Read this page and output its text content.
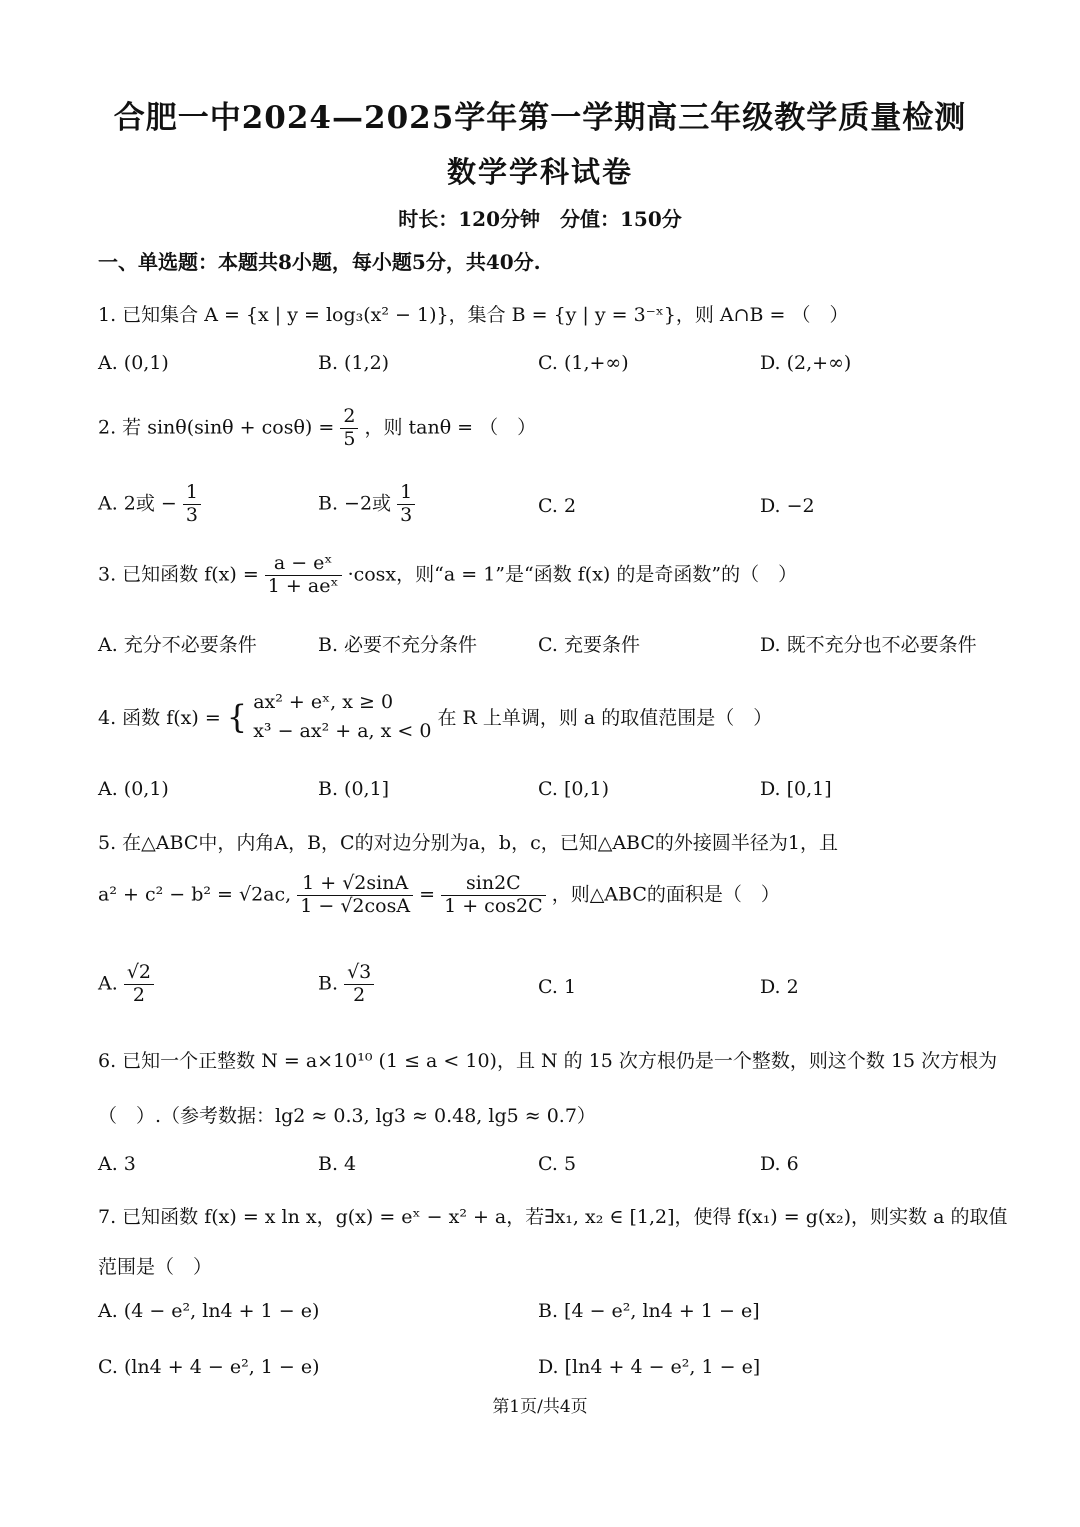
合肥一中2024—2025学年第一学期高三年级教学质量检测
数学学科试卷
时长：120分钟　分值：150分
一、单选题：本题共8小题，每小题5分，共40分.
1. 已知集合 A = {x | y = log₃(x² − 1)}，集合 B = {y | y = 3⁻ˣ}，则 A∩B = （　）
A. (0,1)	B. (1,2)	C. (1,+∞)	D. (2,+∞)
2. 若 $\sin\theta(\sin\theta + \cos\theta) = \frac{2}{5}$ ，则 tanθ = （　）
A. 2或 − $\frac{1}{3}$	B. −2或 $\frac{1}{3}$	C. 2	D. −2
3. 已知函数 $f(x) = \frac{\text{a − eˣ}}{\text{1 + aeˣ}} \cdot\cos x$，则“a = 1”是“函数 f(x) 的是奇函数”的（　）
A. 充分不必要条件	B. 必要不充分条件	C. 充要条件	D. 既不充分也不必要条件
4. 函数 f(x) = { ax² + eˣ, x ≥ 0
x³ − ax² + a, x < 0
在 R 上单调，则 a 的取值范围是（　）
A. (0,1)	B. (0,1]	C. [0,1)	D. [0,1]
5. 在△ABC中，内角A，B，C的对边分别为a，b，c，已知△ABC的外接圆半径为1，且
a² + c² − b² = √2ac, $\frac{1 + √2\sin A}{1 - √2\cos A} = \frac{\sin 2C}{1 + \cos 2C}$ ，则△ABC的面积是（　）
A. $\frac{√2}{2}$	B. $\frac{√3}{2}$	C. 1	D. 2
6. 已知一个正整数 N = a×10¹⁰ (1 ≤ a < 10)，且 N 的 15 次方根仍是一个整数，则这个数 15 次方根为
（　）.（参考数据：lg2 ≈ 0.3, lg3 ≈ 0.48, lg5 ≈ 0.7）
A. 3	B. 4	C. 5	D. 6
7. 已知函数 f(x) = x ln x，g(x) = eˣ − x² + a，若∃x₁, x₂ ∈ [1,2]，使得 f(x₁) = g(x₂)，则实数 a 的取值
范围是（　）
A. (4 − e², ln4 + 1 − e)	B. [4 − e², ln4 + 1 − e]
C. (ln4 + 4 − e², 1 − e)	D. [ln4 + 4 − e², 1 − e]
第1页/共4页
